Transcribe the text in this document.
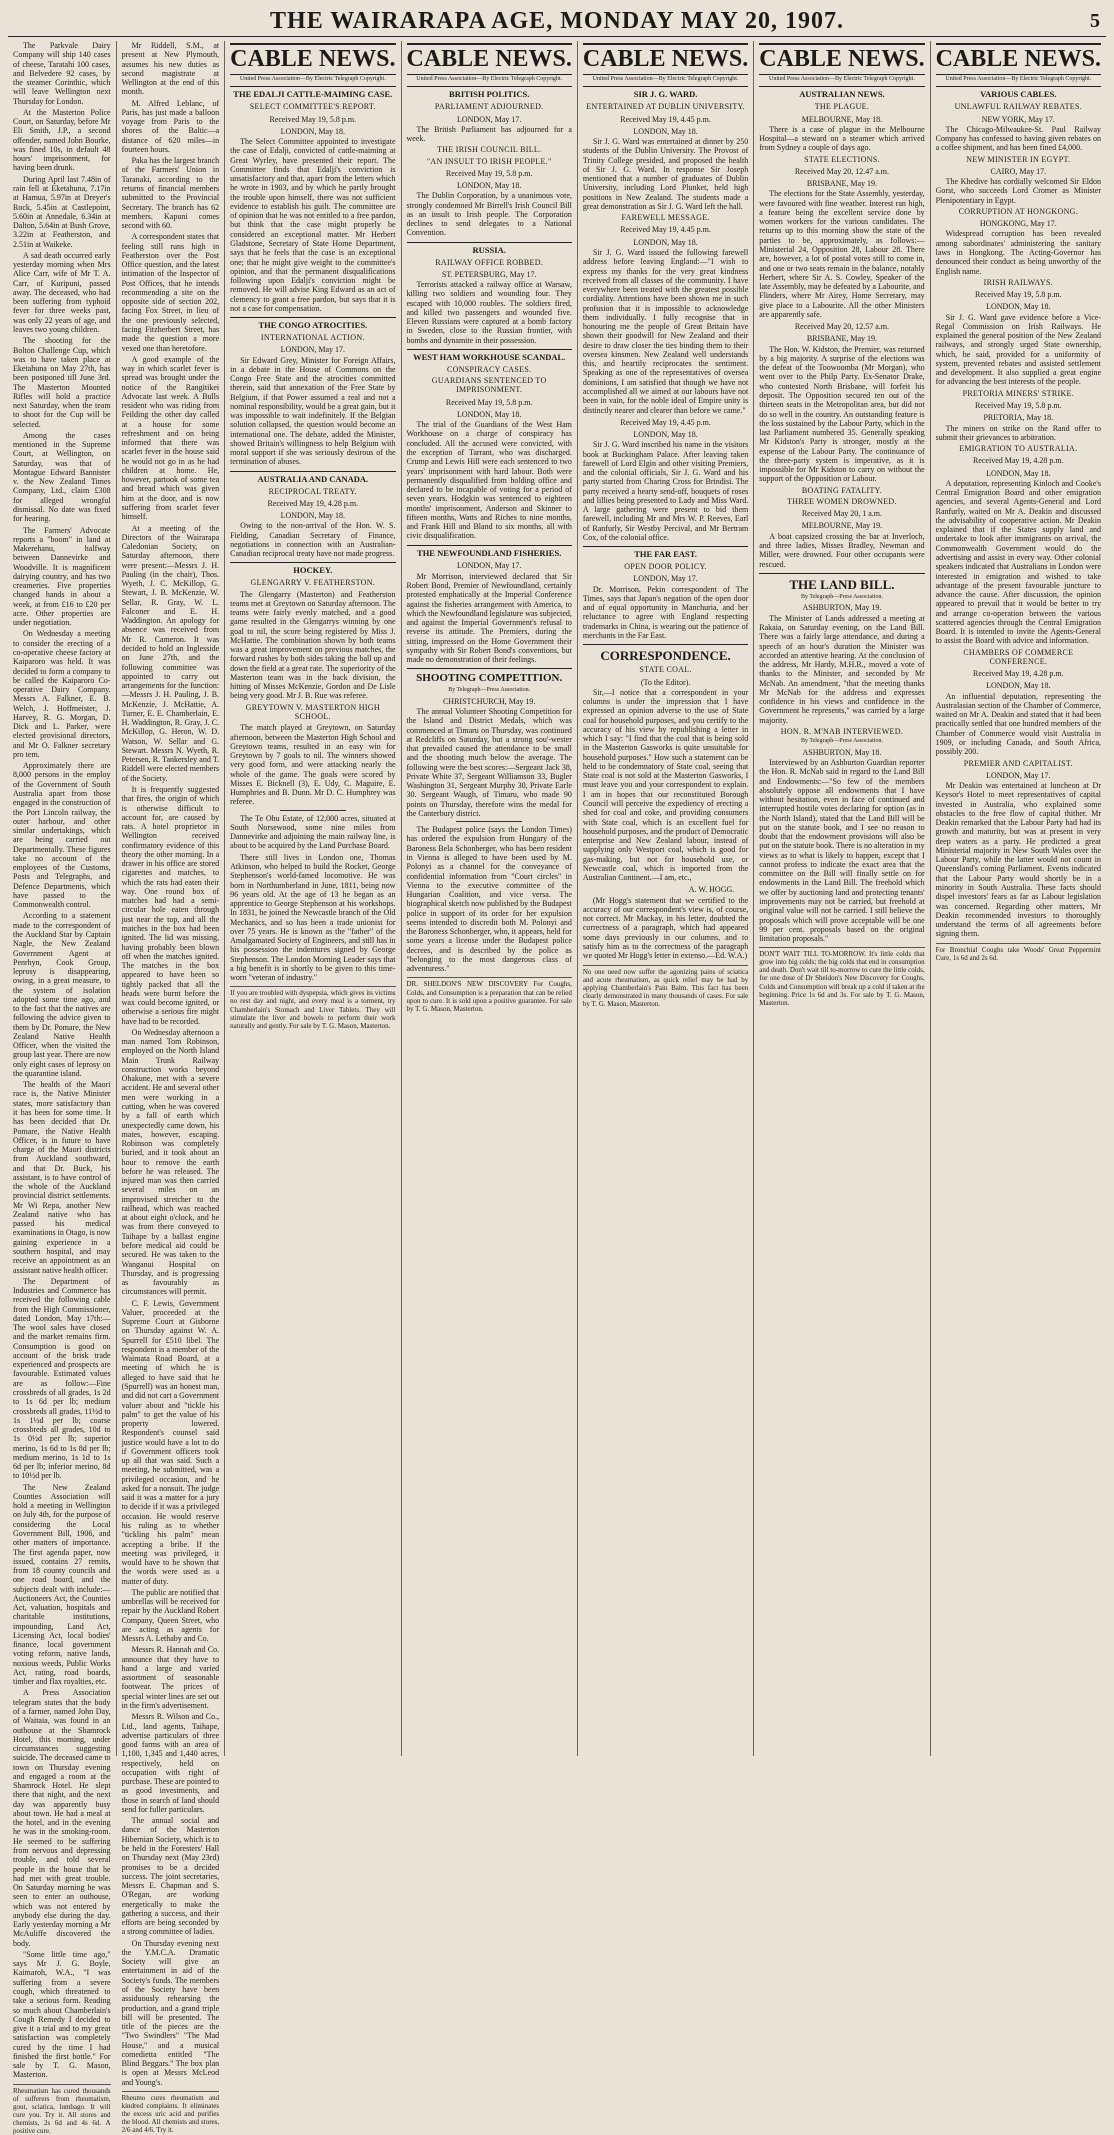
THE WAIRARAPA AGE, MONDAY MAY 20, 1907.	5

The Parkvale Dairy Company will ship 140 cases of cheese, Taratahi 100 cases, and Belvedere 92 cases, by the steamer Corinthic, which will leave Wellington next Thursday for London.

At the Masterton Police Court, on Saturday, before Mr Eli Smith, J.P., a second offender, named John Bourke, was fined 10s, in default 48 hours' imprisonment, for having been drunk.

During April last 7.48in of rain fell at Eketahuna, 7.17in at Hamua, 5.97in at Dreyer's Rock, 5.45in at Castlepoint, 5.60in at Annedale, 6.34in at Dalton, 5.64in at Bush Grove, 3.22in at Featherston, and 2.51in at Waikeke.

A sad death occurred early yesterday morning when Mrs Alice Carr, wife of Mr T. A. Carr, of Kuripuni, passed away. The deceased, who had been suffering from typhoid fever for three weeks past, was only 22 years of age, and leaves two young children.

The shooting for the Bolton Challenge Cup, which was to have taken place at Eketahuna on May 27th, has been postponed till June 3rd. The Masterton Mounted Rifles will hold a practice next Saturday, when the team to shoot for the Cup will be selected.

Among the cases mentioned in the Supreme Court, at Wellington, on Saturday, was that of Montague Edward Bannister v. the New Zealand Times Company, Ltd., claim £308 for alleged wrongful dismissal. No date was fixed for hearing.

The Farmers' Advocate reports a "boom" in land at Makerehanu, halfway between Dannevirke and Woodville. It is magnificent dairying country, and has two creameries. Five properties changed hands in about a week, at from £16 to £20 per acre. Other properties are under negotiation.

On Wednesday a meeting to consider the erecting of a co-operative cheese factory at Kaiparoro was held. It was decided to form a company to be called the Kaiparoro Co-operative Dairy Company. Messrs A. Falkner, E. B. Welch, J. Hoffmeister, J. Harvey, R. G. Morgan, D. Dick and L. Parker, were elected provisional directors, and Mr O. Falkner secretary pro tem.

Approximately there are 8,000 persons in the employ of the Government of South Australia apart from those engaged in the construction of the Port Lincoln railway, the outer harbour, and other similar undertakings, which are being carried out Departmentally. These figures take no account of the employees of the Customs, Posts and Telegraphs, and Defence Departments, which have passed to the Commonwealth control.

According to a statement made to the correspondent of the Auckland Star by Captain Nagle, the New Zealand Government Agent at Penrhyn, Cook Group, leprosy is disappearing, owing, in a great measure, to the system of isolation adopted some time ago, and to the fact that the natives are following the advice given to them by Dr. Pomare, the New Zealand Native Health Officer, when the visited the group last year. There are now only eight cases of leprosy on the quarantine island.

The health of the Maori race is, the Native Minister states, more satisfactory than it has been for some time. It has been decided that Dr. Pomare, the Native Health Officer, is in future to have charge of the Maori districts from Auckland southward, and that Dr. Buck, his assistant, is to have control of the whole of the Auckland provincial district settlements. Mr Wi Repa, another New Zealand native who has passed his medical examinations in Otago, is now gaining experience in a southern hospital, and may receive an appointment as an assistant native health officer.

The Department of Industries and Commerce has received the following cable from the High Commissioner, dated London, May 17th:—The wool sales have closed and the market remains firm. Consumption is good on account of the brisk trade experienced and prospects are favourable. Estimated values are as follow:—Fine crossbreds of all grades, 1s 2d to 1s 6d per lb; medium crossbreds all grades, 11½d to 1s 1½d per lb; coarse crossbreds all grades, 10d to 1s 0½d per lb; superior merino, 1s 6d to 1s 8d per lb; medium merino, 1s 1d to 1s 6d per lb; inferior merino, 8d to 10½d per lb.

The New Zealand Counties Association will hold a meeting in Wellington on July 4th, for the purpose of considering the Local Government Bill, 1906, and other matters of importance. The first agenda paper, now issued, contains 27 remits, from 18 county councils and one road board, and the subjects dealt with include:—Auctioneers Act, the Counties Act, valuation, hospitals and charitable institutions, impounding, Land Act, Licensing Act, local bodies' finance, local government voting reform, native lands, noxious weeds, Public Works Act, rating, road boards, timber and flax royalties, etc.

A Press Association telegram states that the body of a farmer, named John Day, of Waitaia, was found in an outhouse at the Shamrock Hotel, this morning, under circumstances suggesting suicide. The deceased came to town on Thursday evening and engaged a room at the Shamrock Hotel. He slept there that night, and the next day was apparently busy about town. He had a meal at the hotel, and in the evening he was in the smoking-room. He seemed to be suffering from nervous and depressing trouble, and told several people in the house that he had met with great trouble. On Saturday morning he was seen to enter an outhouse, which was not entered by anybody else during the day. Early yesterday morning a Mr McAuliffe discovered the body.

"Some little time ago," says Mr J. G. Boyle, Kaimaroh, W.A., "I was suffering from a severe cough, which threatened to take a serious form. Reading so much about Chamberlain's Cough Remedy I decided to give it a trial and to my great satisfaction was completely cured by the time I had finished the first bottle." For sale by T. G. Mason, Masterton.

Rheumatism has cured thousands of sufferers from rheumatism, gout, sciatica, lumbago. It will cure you. Try it. All stores and chemists, 2s 6d and 4s 6d. A positive cure.

Mr Riddell, S.M., at present at New Plymouth, assumes his new duties as second magistrate at Wellington at the end of this month.

M. Alfred Leblanc, of Paris, has just made a balloon voyage from Paris to the shores of the Baltic—a distance of 620 miles—in fourteen hours.

Paka has the largest branch of the Farmers' Union in Taranaki, according to the returns of financial members submitted to the Provincial Secretary. The branch has 62 members. Kapuni comes second with 60.

A correspondent states that feeling still runs high in Featherston over the Post Office question, and the latest intimation of the Inspector of Post Offices, that he intends recommending a site on the opposite side of section 202, facing Fox Street, in lieu of the one previously selected, facing Fitzherbert Street, has made the question a more vexed one than heretofore.

A good example of the way in which scarlet fever is spread was brought under the notice of the Rangitikei Advocate last week. A Bulls resident who was riding from Feilding the other day called at a house for some refreshment and on being informed that there was scarlet fever in the house said he would not go in as he had children at home. He, however, partook of some tea and bread which was given him at the door, and is now suffering from scarlet fever himself.

At a meeting of the Directors of the Wairarapa Caledonian Society, on Saturday afternoon, there were present:—Messrs J. H. Pauling (in the chair), Thos. Wyeth, J. C. McKillop, G. Stewart, J. B. McKenzie, W. Sellar, R. Gray, W. L. Falconer and E. H. Waddington. An apology for absence was received from Mr R. Cameron. It was decided to hold an Inglesside on June 27th, and the following committee was appointed to carry out arrangements for the function:—Messrs J. H. Pauling, J. B. McKenzie, J. McHattie, A. Turner, E. E. Chamberlain, E. H. Waddington, R. Gray, J. C. McKillop, G. Heron, W. D. Watson, W. Sellar and G. Stewart. Messrs N. Wyeth, R. Petersen, R. Tankersley and T. Riddell were elected members of the Society.

It is frequently suggested that fires, the origin of which is otherwise difficult to account for, are caused by rats. A hotel proprietor in Wellington received confirmatory evidence of this theory the other morning. In a drawer in his office are stored cigarettes and matches, to which the rats had eaten their way. One round box of matches had had a semi-circular hole eaten through just near the top, and all the matches in the box had been ignited. The lid was missing, having probably been blown off when the matches ignited. The matches in the box appeared to have been so tightly packed that all the heads were burnt before the wax could become ignited, or otherwise a serious fire might have had to be recorded.

On Wednesday afternoon a man named Tom Robinson, employed on the North Island Main Trunk Railway construction works beyond Ohakune, met with a severe accident. He and several other men were working in a cutting, when he was covered by a fall of earth which unexpectedly came down, his mates, however, escaping. Robinson was completely buried, and it took about an hour to remove the earth before he was released. The injured man was then carried several miles on an improvised stretcher to the railhead, which was reached at about eight o'clock, and he was from there conveyed to Taihape by a ballast engine before medical aid could be secured. He was taken to the Wanganui Hospital on Thursday, and is progressing as favourably as circumstances will permit.

C. F. Lewis, Government Valuer, proceeded at the Supreme Court at Gisborne on Thursday against W. A. Spurrell for £510 libel. The respondent is a member of the Waimata Road Board, at a meeting of which he is alleged to have said that he (Spurrell) was an honest man, and did not cart a Government valuer about and "tickle his palm" to get the value of his property lowered. Respondent's counsel said justice would have a lot to do if Government officers took up all that was said. Such a meeting, he submitted, was a privileged occasion, and he asked for a nonsuit. The judge said it was a matter for a jury to decide if it was a privileged occasion. He would reserve his ruling as to whether "tickling his palm" mean accepting a bribe. If the meeting was privileged, it would have to be shown that the words were used as a matter of duty.

The public are notified that umbrellas will be received for repair by the Auckland Robert Company, Queen Street, who are acting as agents for Messrs A. Lethaby and Co.

Messrs R. Hannah and Co. announce that they have to hand a large and varied assortment of seasonable footwear. The prices of special winter lines are set out in the firm's advertisement.

Messrs R. Wilson and Co., Ltd., land agents, Taihape, advertise particulars of three good farms with an area of 1,100, 1,345 and 1,440 acres, respectively, held on occupation with right of purchase. These are pointed to as good investments, and those in search of land should send for fuller particulars.

The annual social and dance of the Masterton Hibernian Society, which is to be held in the Foresters' Hall on Thursday next (May 23rd) promises to be a decided success. The joint secretaries, Messrs E. Chapman and S. O'Regan, are working energetically to make the gathering a success, and their efforts are being seconded by a strong committee of ladies.

On Thursday evening next the Y.M.C.A. Dramatic Society will give an entertainment in aid of the Society's funds. The members of the Society have been assiduously rehearsing the production, and a grand triple bill will be presented. The title of the pieces are the "Two Swindlers" "The Mad House," and a musical comedietta entitled "The Blind Beggars." The box plan is open at Messrs McLeod and Young's.

Rheumo cures rheumatism and kindred complaints. It eliminates the excess uric acid and purifies the blood. All chemists and stores, 2/6 and 4/6. Try it.
CABLE NEWS.
United Press Association—By Electric Telegraph Copyright.
THE EDALJI CATTLE-MAIMING CASE.
SELECT COMMITTEE'S REPORT.
Received May 19, 5.8 p.m.
LONDON, May 18.

The Select Committee appointed to investigate the case of Edalji, convicted of cattle-maiming at Great Wyrley, have presented their report. The Committee finds that Edalji's conviction is unsatisfactory and that, apart from the letters which he wrote in 1903, and by which he partly brought the trouble upon himself, there was not sufficient evidence to establish his guilt. The committee are of opinion that he was not entitled to a free pardon, but think that the case might properly be considered an exceptional matter. Mr Herbert Gladstone, Secretary of State Home Department, says that he feels that the case is an exceptional one; that he might give weight to the committee's opinion, and that the permanent disqualifications following upon Edalji's conviction might be removed. He will advise King Edward as an act of clemency to grant a free pardon, but says that it is not a case for compensation.

THE CONGO ATROCITIES.
INTERNATIONAL ACTION.
LONDON, May 17.

Sir Edward Grey, Minister for Foreign Affairs, in a debate in the House of Commons on the Congo Free State and the atrocities committed therein, said that annexation of the Free State by Belgium, if that Power assumed a real and not a nominal responsibility, would be a great gain, but it was impossible to wait indefinitely. If the Belgian solution collapsed, the question would become an international one. The debate, added the Minister, showed Britain's willingness to help Belgium with moral support if she was seriously desirous of the termination of abuses.

AUSTRALIA AND CANADA.
RECIPROCAL TREATY.
Received May 19, 4.28 p.m.
LONDON, May 18.

Owing to the non-arrival of the Hon. W. S. Fielding, Canadian Secretary of Finance, negotiations in connection with an Australian-Canadian reciprocal treaty have not made progress.

HOCKEY.
GLENGARRY V. FEATHERSTON.

The Glengarry (Masterton) and Featherston teams met at Greytown on Saturday afternoon. The teams were fairly evenly matched, and a good game resulted in the Glengarrys winning by one goal to nil, the score being registered by Miss J. McHattie. The combination shown by both teams was a great improvement on previous matches, the forward rushes by both sides taking the ball up and down the field at a great rate. The superiority of the Masterton team was in the back division, the hitting of Misses McKenzie, Gordon and De Lisle being very good. Mr J. B. Rue was referee.

GREYTOWN V. MASTERTON HIGH SCHOOL.

The match played at Greytown, on Saturday afternoon, between the Masterton High School and Greytown teams, resulted in an easy win for Greytown by 7 goals to nil. The winners showed very good form, and were attacking nearly the whole of the game. The goals were scored by Misses E. Bicknell (3), E. Udy, C. Maguire, E. Humphries and B. Dunn. Mr D. C. Humphrey was referee.

The Te Ohu Estate, of 12,000 acres, situated at South Norsewood, some nine miles from Dannevirke and adjoining the main railway line, is about to be acquired by the Land Purchase Board.

There still lives in London one, Thomas Atkinson, who helped to build the Rocket, George Stephenson's world-famed locomotive. He was born in Northumberland in June, 1811, being now 96 years old. At the age of 13 he began as an apprentice to George Stephenson at his workshops. In 1831, he joined the Newcastle branch of the Old Mechanics, and so has been a trade unionist for over 75 years. He is known as the "father" of the Amalgamated Society of Engineers, and still has in his possession the indentures signed by George Stephenson. The London Morning Leader says that a big benefit is in shortly to be given to this time-worn "veteran of industry."

If you are troubled with dyspepsia, which gives its victims no rest day and night, and every meal is a torment, try Chamberlain's Stomach and Liver Tablets. They will stimulate the liver and bowels to perform their work naturally and gently. For sale by T. G. Mason, Masterton.
CABLE NEWS.
United Press Association—By Electric Telegraph Copyright.
BRITISH POLITICS.
PARLIAMENT ADJOURNED.
LONDON, May 17.

The British Parliament has adjourned for a week.

THE IRISH COUNCIL BILL.
"AN INSULT TO IRISH PEOPLE."
Received May 19, 5.8 p.m.
LONDON, May 18.

The Dublin Corporation, by a unanimous vote, strongly condemned Mr Birrell's Irish Council Bill as an insult to Irish people. The Corporation declines to send delegates to a National Convention.

RUSSIA.
RAILWAY OFFICE ROBBED.
ST. PETERSBURG, May 17.

Terrorists attacked a railway office at Warsaw, killing two soldiers and wounding four. They escaped with 10,000 roubles. The soldiers fired, and killed two passengers and wounded five. Eleven Russians were captured at a bomb factory in Sweden, close to the Russian frontier, with bombs and dynamite in their possession.

WEST HAM WORKHOUSE SCANDAL.
CONSPIRACY CASES.
GUARDIANS SENTENCED TO IMPRISONMENT.
Received May 19, 5.8 p.m.
LONDON, May 18.

The trial of the Guardians of the West Ham Workhouse on a charge of conspiracy has concluded. All the accused were convicted, with the exception of Tarrant, who was discharged. Crump and Lewis Hill were each sentenced to two years' imprisonment with hard labour. Both were permanently disqualified from holding office and declared to be incapable of voting for a period of seven years. Hodgkin was sentenced to eighteen months' imprisonment, Anderson and Skinner to fifteen months, Watts and Riches to nine months, and Frank Hill and Bland to six months, all with civic disqualification.

THE NEWFOUNDLAND FISHERIES.
LONDON, May 17.

Mr Morrison, interviewed declared that Sir Robert Bond, Premier of Newfoundland, certainly protested emphatically at the Imperial Conference against the fisheries arrangement with America, to which the Newfoundland legislature was subjected, and against the Imperial Government's refusal to reverse its attitude. The Premiers, during the sitting, impressed on the Home Government their sympathy with Sir Robert Bond's conventions, but made no demonstration of their feelings.

SHOOTING COMPETITION.
By Telegraph—Press Association.
CHRISTCHURCH, May 19.

The annual Volunteer Shooting Competition for the Island and District Medals, which was commenced at Timaru on Thursday, was continued at Redcliffs on Saturday, but a strong sou'-wester that prevailed caused the attendance to be small and the shooting much below the average. The following were the best scores:—Sergeant Jack 38, Private White 37, Sergeant Williamson 33, Bugler Washington 31, Sergeant Murphy 30, Private Earle 30. Sergeant Waugh, of Timaru, who made 90 points on Thursday, therefore wins the medal for the Canterbury district.

The Budapest police (says the London Times) has ordered the expulsion from Hungary of the Baroness Bela Schonberger, who has been resident in Vienna is alleged to have been used by M. Polonyi as a channel for the conveyance of confidential information from "Court circles" in Vienna to the executive committee of the Hungarian Coalition, and vice versa. The biographical sketch now published by the Budapest police in support of its order for her expulsion seems intended to discredit both M. Polonyi and the Baroness Schonberger, who, it appears, held for some years a license under the Budapest police decrees, and is described by the police as "belonging to the most dangerous class of adventuress."

DR. SHELDON'S NEW DISCOVERY For Coughs, Colds, and Consumption is a preparation that can be relied upon to cure. It is sold upon a positive guarantee. For sale by T. G. Mason, Masterton.
CABLE NEWS.
United Press Association—By Electric Telegraph Copyright.
SIR J. G. WARD.
ENTERTAINED AT DUBLIN UNIVERSITY.
Received May 19, 4.45 p.m.
LONDON, May 18.

Sir J. G. Ward was entertained at dinner by 250 students of the Dublin University. The Provost of Trinity College presided, and proposed the health of Sir J. G. Ward. In response Sir Joseph mentioned that a number of graduates of Dublin University, including Lord Plunket, held high positions in New Zealand. The students made a great demonstration as Sir J. G. Ward left the hall.

FAREWELL MESSAGE.
Received May 19, 4.45 p.m.
LONDON, May 18.

Sir J. G. Ward issued the following farewell address before leaving England:—"I wish to express my thanks for the very great kindness received from all classes of the community. I have everywhere been treated with the greatest possible cordiality. Attentions have been shown me in such profusion that it is impossible to acknowledge them individually. I fully recognise that in honouring me the people of Great Britain have shown their goodwill for New Zealand and their desire to draw closer the ties binding them to their oversea kinsmen. New Zealand well understands this, and heartily reciprocates the sentiment. Speaking as one of the representatives of oversea dominions, I am satisfied that though we have not accomplished all we aimed at our labours have not been in vain, for the noble ideal of Empire unity is distinctly nearer and clearer than before we came."

Received May 19, 4.45 p.m.
LONDON, May 18.

Sir J. G. Ward inscribed his name in the visitors book at Buckingham Palace. After leaving taken farewell of Lord Elgin and other visiting Premiers, and the colonial officials, Sir J. G. Ward and his party started from Charing Cross for Brindisi. The party received a hearty send-off, bouquets of roses and lillies being presented to Lady and Miss Ward. A large gathering were present to bid them farewell, including Mr and Mrs W. P. Reeves, Earl of Ranfurly, Sir Westby Percival, and Mr Bertram Cox, of the colonial office.

THE FAR EAST.
OPEN DOOR POLICY.
LONDON, May 17.

Dr. Morrison, Pekin correspondent of The Times, says that Japan's negation of the open door and of equal opportunity in Manchuria, and her reluctance to agree with England respecting trademarks in China, is wearing out the patience of merchants in the Far East.

CORRESPONDENCE.
STATE COAL.
(To the Editor).

Sir,—I notice that a correspondent in your columns is under the impression that I have expressed an opinion adverse to the use of State coal for household purposes, and you certify to the accuracy of his view by republishing a letter in which I say: "I find that the coal that is being sold in the Masterton Gasworks is quite unsuitable for household purposes." How such a statement can be held to be condemnatory of State coal, seeing that State coal is not sold at the Masterton Gasworks, I must leave you and your correspondent to explain. I am in hopes that our reconstituted Borough Council will perceive the expediency of erecting a shed for coal and coke, and providing consumers with State coal, which is an excellent fuel for household purposes, and the product of Democratic enterprise and New Zealand labour, instead of supplying only Westport coal, which is good for gas-making, but not for household use, or Newcastle coal, which is imported from the Australian Continent.—I am, etc.,

A. W. HOGG.

(Mr Hogg's statement that we certified to the accuracy of our correspondent's view is, of course, not correct. Mr Mackay, in his letter, doubted the correctness of a paragraph, which had appeared some days previously in our columns, and to satisfy him as to the correctness of the paragraph we quoted Mr Hogg's letter in extenso.—Ed. W.A.)

No one need now suffer the agonizing pains of sciatica and acute rheumatism, as quick relief may be had by applying Chamberlain's Pain Balm. This fact has been clearly demonstrated in many thousands of cases. For sale by T. G. Mason, Masterton.
CABLE NEWS.
United Press Association—By Electric Telegraph Copyright.
AUSTRALIAN NEWS.
THE PLAGUE.
MELBOURNE, May 18.

There is a case of plague in the Melbourne Hospital—a steward on a steamer which arrived from Sydney a couple of days ago.

STATE ELECTIONS.
Received May 20, 12.47 a.m.
BRISBANE, May 19.

The elections for the State Assembly, yesterday, were favoured with fine weather. Interest ran high, a feature being the excellent service done by women workers for the various candidates. The returns up to this morning show the state of the parties to be, approximately, as follows:—Ministerial 24, Opposition 28, Labour 28. There are, however, a lot of postal votes still to come in, and one or two seats remain in the balance, notably Herbert, where Sir A. S. Cowley, Speaker of the late Assembly, may be defeated by a Labourite, and Flinders, where Mr Airey, Home Secretary, may give place to a Labourite. All the other Ministers are apparently safe.

Received May 20, 12.57 a.m.
BRISBANE, May 19.

The Hon. W. Kidston, the Premier, was returned by a big majority. A surprise of the elections was the defeat of the Toowoomba (Mr Morgan), who went over to the Philp Party. Ex-Senator Drake, who contested North Brisbane, will forfeit his deposit. The Opposition secured ten out of the thirteen seats in the Metropolitan area, but did not do so well in the country. An outstanding feature is the loss sustained by the Labour Party, which in the last Parliament numbered 35. Generally speaking Mr Kidston's Party is stronger, mostly at the expense of the Labour Party. The continuance of the three-party system is imperative, as it is impossible for Mr Kidston to carry on without the support of the Opposition or Labour.

BOATING FATALITY.
THREE WOMEN DROWNED.
Received May 20, 1 a.m.
MELBOURNE, May 19.

A boat capsized crossing the bar at Inverloch, and three ladies, Misses Bradley, Newman and Miller, were drowned. Four other occupants were rescued.

THE LAND BILL.
By Telegraph—Press Association.
ASHBURTON, May 19.

The Minister of Lands addressed a meeting at Rakaia, on Saturday evening, on the Land Bill. There was a fairly large attendance, and during a speech of an hour's duration the Minister was accorded an attentive hearing. At the conclusion of the address, Mr Hardy, M.H.R., moved a vote of thanks to the Minister, and seconded by Mr McNab. An amendment, "that the meeting thanks Mr McNab for the address and expresses confidence in his views and confidence in the Government he represents," was carried by a large majority.

HON. R. M'NAB INTERVIEWED.
By Telegraph—Press Association.
ASHBURTON, May 18.

Interviewed by an Ashburton Guardian reporter the Hon. R. McNab said in regard to the Land Bill and Endowments:—"So few of the members absolutely oppose all endowments that I have without hesitation, even in face of continued and interrupted hostile votes declaring for option (as in the North Island), stated that the Land Bill will be put on the statute book, and I see no reason to doubt that the endowment provisions will also be put on the statute book. There is no alteration in my views as to what is likely to happen, except that I cannot profess to indicate the exact area that the committee on the Bill will finally settle on for endowments in the Land Bill. The freehold which we offer by auctioning land and protecting tenants' improvements may not be carried, but freehold at original value will not be carried. I still believe the proposals which will prove acceptable will be one 99 per cent. proposals based on the original limitation proposals."

DON'T WAIT TILL TO-MORROW. It's little colds that grow into big colds; the big colds that end in consumption and death. Don't wait till to-morrow to cure the little colds, for one dose of Dr Sheldon's New Discovery for Coughs, Colds and Consumption will break up a cold if taken at the beginning. Price 1s 6d and 3s. For sale by T. G. Mason, Masterton.
CABLE NEWS.
United Press Association—By Electric Telegraph Copyright.
VARIOUS CABLES.
UNLAWFUL RAILWAY REBATES.
NEW YORK, May 17.

The Chicago-Milwaukee-St. Paul Railway Company has confessed to having given rebates on a coffee shipment, and has been fined £4,000.

NEW MINISTER IN EGYPT.
CAIRO, May 17.

The Khedive has cordially welcomed Sir Eldon Gorst, who succeeds Lord Cromer as Minister Plenipotentiary in Egypt.

CORRUPTION AT HONGKONG.
HONGKONG, May 17.

Widespread corruption has been revealed among subordinates' administering the sanitary laws in Hongkong. The Acting-Governor has denounced their conduct as being unworthy of the English name.

IRISH RAILWAYS.
Received May 19, 5.8 p.m.
LONDON, May 18.

Sir J. G. Ward gave evidence before a Vice-Regal Commission on Irish Railways. He explained the general position of the New Zealand railways, and strongly urged State ownership, which, he said, provided for a uniformity of system, prevented rebates and assisted settlement and development. It also supplied a great engine for advancing the best interests of the people.

PRETORIA MINERS' STRIKE.
Received May 19, 5.8 p.m.
PRETORIA, May 18.

The miners on strike on the Rand offer to submit their grievances to arbitration.

EMIGRATION TO AUSTRALIA.
Received May 19, 4.28 p.m.
LONDON, May 18.

A deputation, representing Kinloch and Cooke's Central Emigration Board and other emigration agencies, and several Agents-General and Lord Ranfurly, waited on Mr A. Deakin and discussed the advisability of cooperative action. Mr Deakin explained that if the States supply land and undertake to look after immigrants on arrival, the Commonwealth Government would do the advertising and assist in every way. Other colonial speakers indicated that Australians in London were interested in emigration and wished to take advantage of the present favourable juncture to advance the cause. After discussion, the opinion appeared to prevail that it would be better to try and arrange co-operation between the various scattered agencies through the Central Emigration Board. It is intended to invite the Agents-General to assist the Board with advice and information.

CHAMBERS OF COMMERCE CONFERENCE.
Received May 19, 4.28 p.m.
LONDON, May 18.

An influential deputation, representing the Australasian section of the Chamber of Commerce, waited on Mr A. Deakin and stated that it had been practically settled that one hundred members of the Chamber of Commerce would visit Australia in 1909, or including Canada, and South Africa, possibly 200.

PREMIER AND CAPITALIST.
LONDON, May 17.

Mr Deakin was entertained at luncheon at Dr Keysor's Hotel to meet representatives of capital invested in Australia, who explained some obstacles to the free flow of capital thither. Mr Deakin remarked that the Labour Party had had its growth and maturity, but was at present in very deep waters as a party. He predicted a great Ministerial majority in New South Wales over the Labour Party, while the latter would not count in Queensland's coming Parliament. Events indicated that the Labour Party would shortly be in a minority in South Australia. These facts should dispel investors' fears as far as Labour legislation was concerned. Regarding other matters, Mr Deakin recommended investors to thoroughly understand the terms of all agreements before signing them.

For Bronchial Coughs take Woods' Great Peppermint Cure, 1s 6d and 2s 6d.
